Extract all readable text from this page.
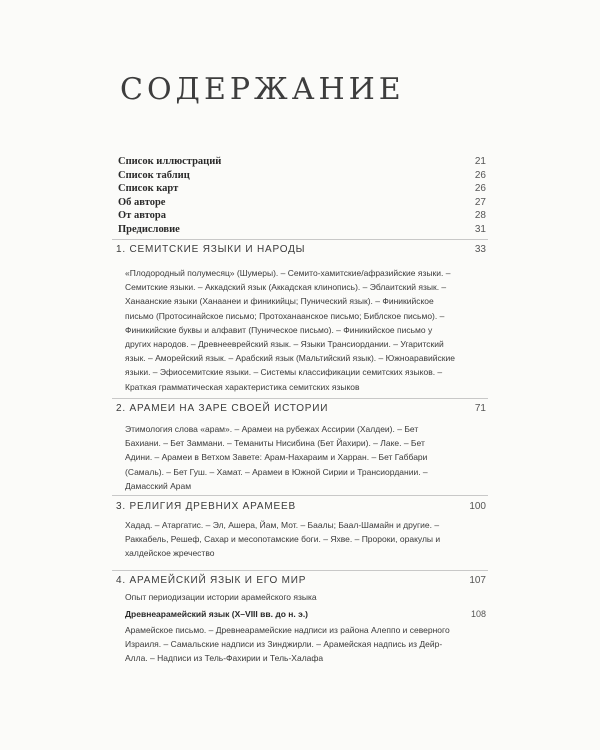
СОДЕРЖАНИЕ
Список иллюстраций	21
Список таблиц	26
Список карт	26
Об авторе	27
От автора	28
Предисловие	31
1. СЕМИТСКИЕ ЯЗЫКИ И НАРОДЫ	33

«Плодородный полумесяц» (Шумеры). – Семито-хамитские/афразийские языки. –

Семитские языки. – Аккадский язык (Аккадская клинопись). – Эблаитский язык. –

Ханаанские языки (Ханаанеи и финикийцы; Пунический язык). – Финикийское

письмо (Протосинайское письмо; Протоханаанское письмо; Библское письмо). –

Финикийские буквы и алфавит (Пуническое письмо). – Финикийское письмо у

других народов. – Древнееврейский язык. – Языки Трансиордании. – Угаритский

язык. – Аморейский язык. – Арабский язык (Мальтийский язык). – Южноаравийские

языки. – Эфиосемитские языки. – Системы классификации семитских языков. –

Краткая грамматическая характеристика семитских языков

2. АРАМЕИ НА ЗАРЕ СВОЕЙ ИСТОРИИ	71

Этимология слова «арам». – Арамеи на рубежах Ассирии (Халдеи). – Бет

Бахиани. – Бет Заммани. – Теманиты Нисибина (Бет Йахири). – Лаке. – Бет

Адини. – Арамеи в Ветхом Завете: Арам-Нахараим и Харран. – Бет Габбари

(Самаль). – Бет Гуш. – Хамат. – Арамеи в Южной Сирии и Трансиордании. –

Дамасский Арам

3. РЕЛИГИЯ ДРЕВНИХ АРАМЕЕВ	100

Хадад. – Атаргатис. – Эл, Ашера, Йам, Мот. – Баалы; Баал-Шамайн и другие. –

Раккабель, Решеф, Сахар и месопотамские боги. – Яхве. – Пророки, оракулы и

халдейское жречество

4. АРАМЕЙСКИЙ ЯЗЫК И ЕГО МИР	107
Опыт периодизации истории арамейского языка
Древнеарамейский язык (X–VIII вв. до н. э.)	108

Арамейское письмо. – Древнеарамейские надписи из района Алеппо и северного

Израиля. – Самальские надписи из Зинджирли. – Арамейская надпись из Дейр-

Алла. – Надписи из Тель-Фахирии и Тель-Халафа
